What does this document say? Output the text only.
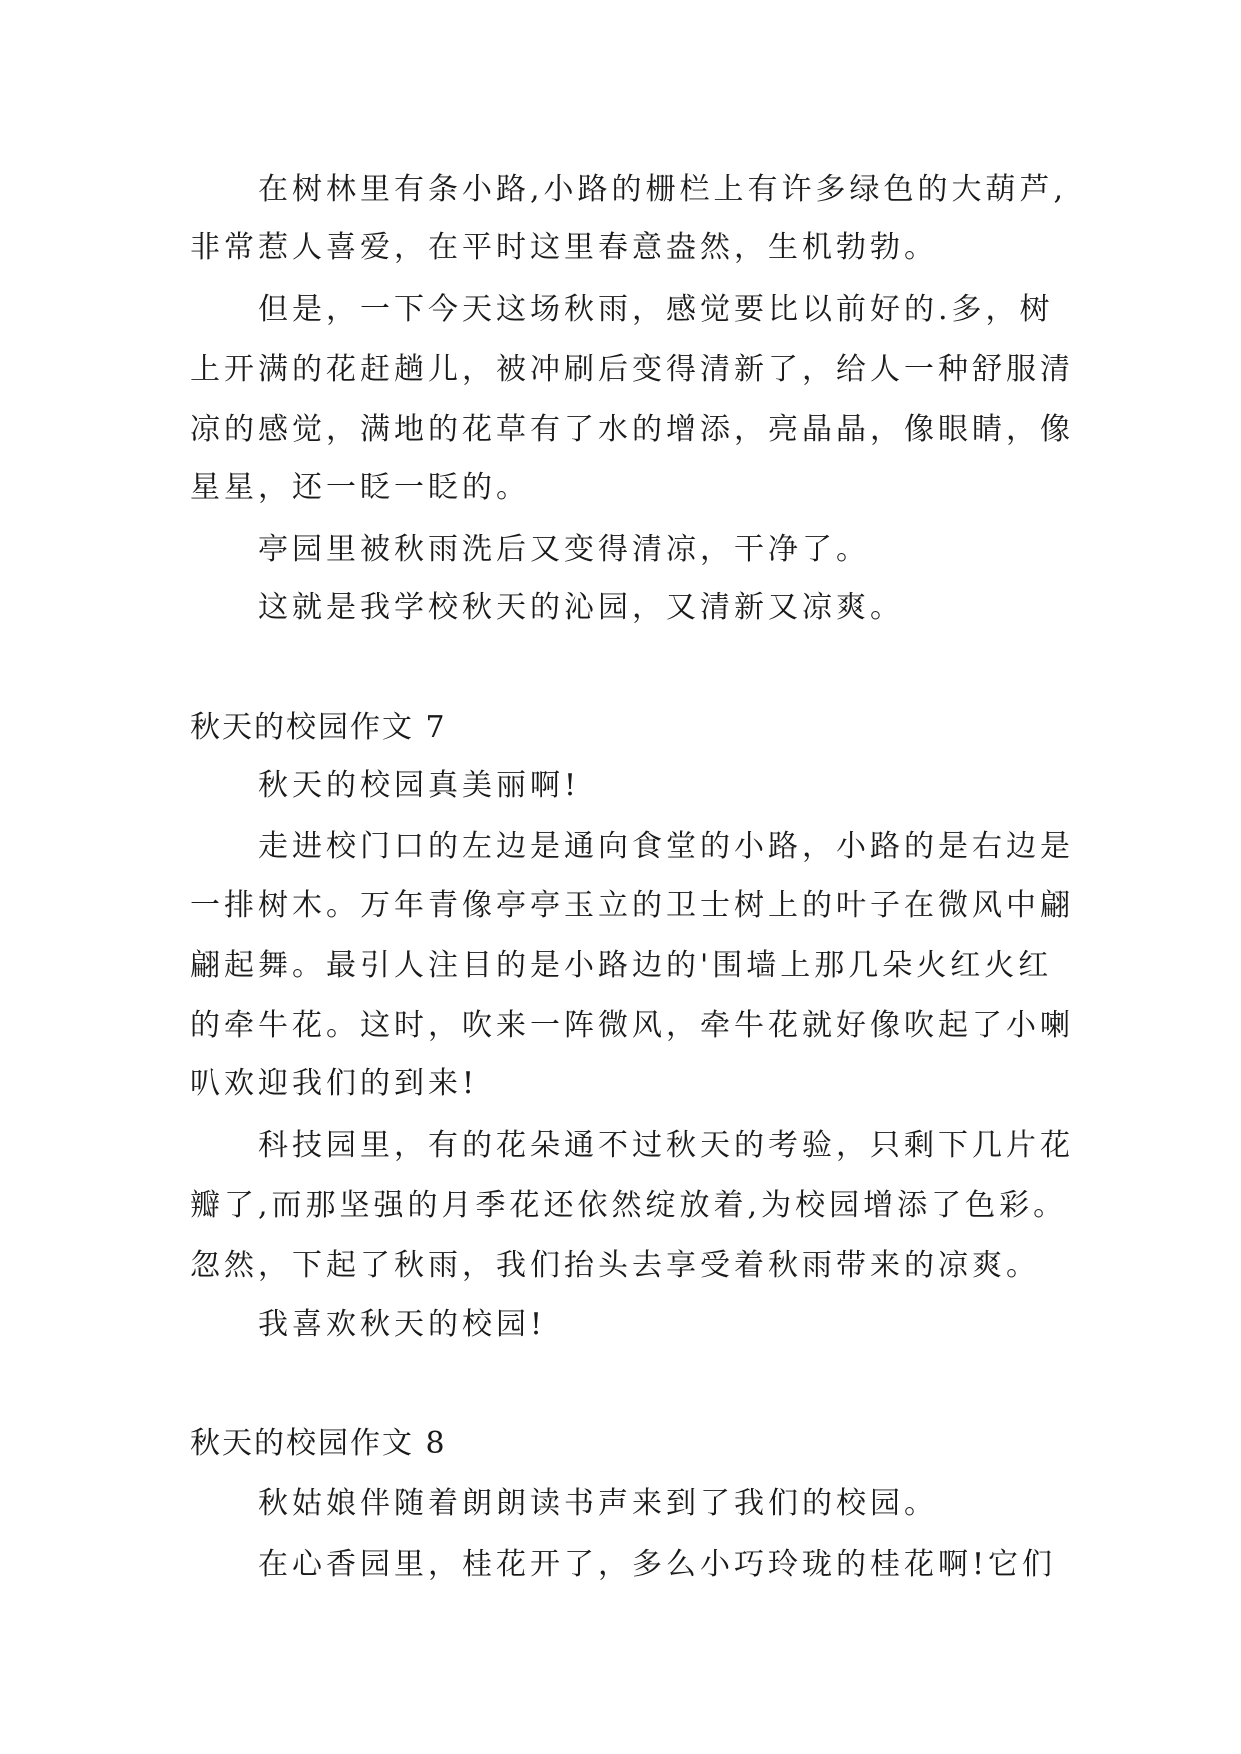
在树林里有条小路,小路的栅栏上有许多绿色的大葫芦,
非常惹人喜爱，在平时这里春意盎然，生机勃勃。
但是，一下今天这场秋雨，感觉要比以前好的.多，树
上开满的花赶趟儿，被冲刷后变得清新了，给人一种舒服清
凉的感觉，满地的花草有了水的增添，亮晶晶，像眼睛，像
星星，还一眨一眨的。
亭园里被秋雨洗后又变得清凉，干净了。
这就是我学校秋天的沁园，又清新又凉爽。
秋天的校园作文 7
秋天的校园真美丽啊!
走进校门口的左边是通向食堂的小路，小路的是右边是
一排树木。万年青像亭亭玉立的卫士树上的叶子在微风中翩
翩起舞。最引人注目的是小路边的'围墙上那几朵火红火红
的牵牛花。这时，吹来一阵微风，牵牛花就好像吹起了小喇
叭欢迎我们的到来!
科技园里，有的花朵通不过秋天的考验，只剩下几片花
瓣了,而那坚强的月季花还依然绽放着,为校园增添了色彩。
忽然，下起了秋雨，我们抬头去享受着秋雨带来的凉爽。
我喜欢秋天的校园!
秋天的校园作文 8
秋姑娘伴随着朗朗读书声来到了我们的校园。
在心香园里，桂花开了，多么小巧玲珑的桂花啊!它们
